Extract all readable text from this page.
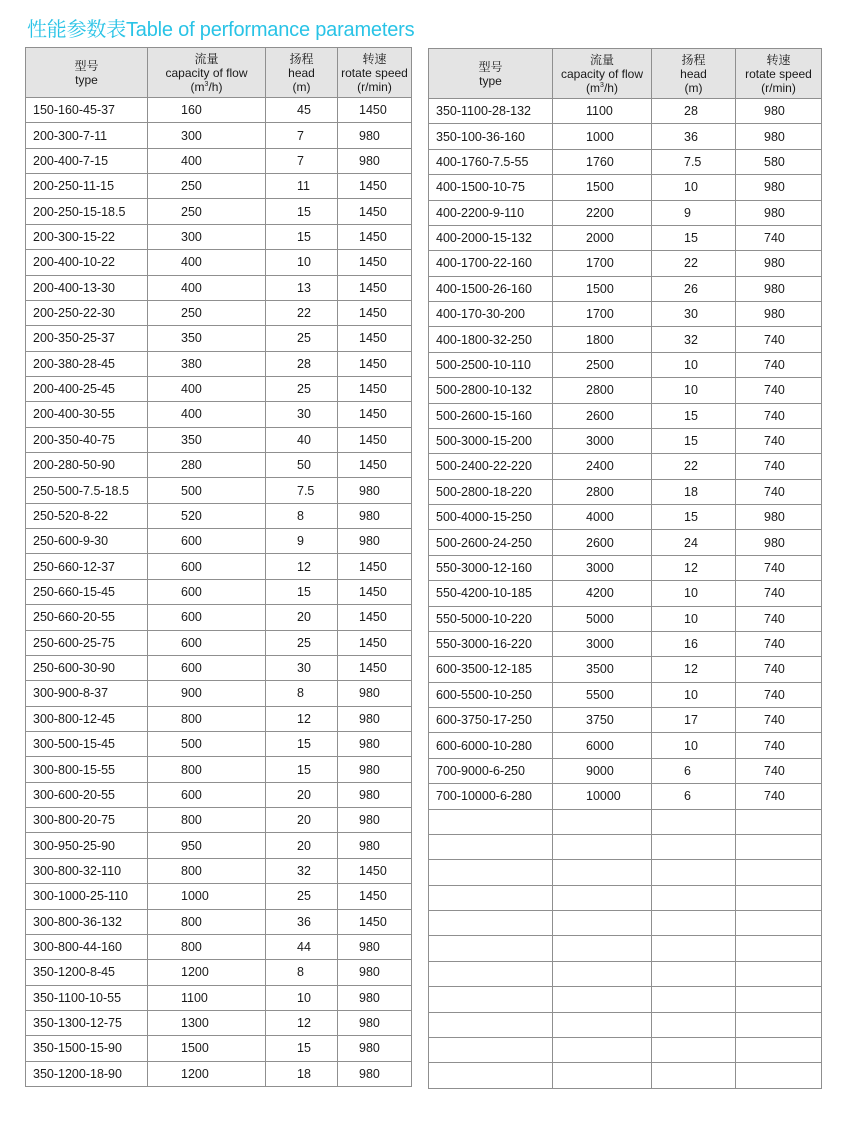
性能参数表Table of performance parameters
型号
type	流量
capacity of flow
$(m^3/h)$	扬程
head
(m)	转速
rotate speed
(r/min)

150-160-45-37	160	45	1450
200-300-7-11	300	7	980
200-400-7-15	400	7	980
200-250-11-15	250	11	1450
200-250-15-18.5	250	15	1450
200-300-15-22	300	15	1450
200-400-10-22	400	10	1450
200-400-13-30	400	13	1450
200-250-22-30	250	22	1450
200-350-25-37	350	25	1450
200-380-28-45	380	28	1450
200-400-25-45	400	25	1450
200-400-30-55	400	30	1450
200-350-40-75	350	40	1450
200-280-50-90	280	50	1450
250-500-7.5-18.5	500	7.5	980
250-520-8-22	520	8	980
250-600-9-30	600	9	980
250-660-12-37	600	12	1450
250-660-15-45	600	15	1450
250-660-20-55	600	20	1450
250-600-25-75	600	25	1450
250-600-30-90	600	30	1450
300-900-8-37	900	8	980
300-800-12-45	800	12	980
300-500-15-45	500	15	980
300-800-15-55	800	15	980
300-600-20-55	600	20	980
300-800-20-75	800	20	980
300-950-25-90	950	20	980
300-800-32-110	800	32	1450
300-1000-25-110	1000	25	1450
300-800-36-132	800	36	1450
300-800-44-160	800	44	980
350-1200-8-45	1200	8	980
350-1100-10-55	1100	10	980
350-1300-12-75	1300	12	980
350-1500-15-90	1500	15	980
350-1200-18-90	1200	18	980
型号
type	流量
capacity of flow
$(m^3/h)$	扬程
head
(m)	转速
rotate speed
(r/min)

350-1100-28-132	1100	28	980
350-100-36-160	1000	36	980
400-1760-7.5-55	1760	7.5	580
400-1500-10-75	1500	10	980
400-2200-9-110	2200	9	980
400-2000-15-132	2000	15	740
400-1700-22-160	1700	22	980
400-1500-26-160	1500	26	980
400-170-30-200	1700	30	980
400-1800-32-250	1800	32	740
500-2500-10-110	2500	10	740
500-2800-10-132	2800	10	740
500-2600-15-160	2600	15	740
500-3000-15-200	3000	15	740
500-2400-22-220	2400	22	740
500-2800-18-220	2800	18	740
500-4000-15-250	4000	15	980
500-2600-24-250	2600	24	980
550-3000-12-160	3000	12	740
550-4200-10-185	4200	10	740
550-5000-10-220	5000	10	740
550-3000-16-220	3000	16	740
600-3500-12-185	3500	12	740
600-5500-10-250	5500	10	740
600-3750-17-250	3750	17	740
600-6000-10-280	6000	10	740
700-9000-6-250	9000	6	740
700-10000-6-280	10000	6	740
